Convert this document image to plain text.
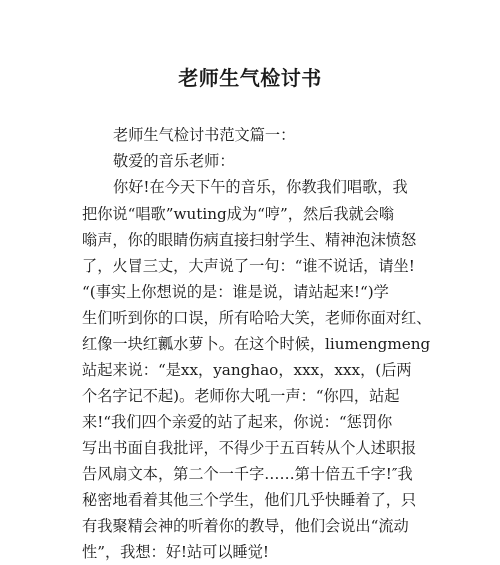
老师生气检讨书
老师生气检讨书范文篇一：
敬爱的音乐老师：
你好!在今天下午的音乐，你教我们唱歌，我
把你说“唱歌”wuting成为“哼”，然后我就会嗡
嗡声，你的眼睛伤病直接扫射学生、精神泡沫愤怒
了，火冒三丈，大声说了一句：“谁不说话，请坐!
“(事实上你想说的是：谁是说，请站起来!“)学
生们听到你的口误，所有哈哈大笑，老师你面对红、
红像一块红瓤水萝卜。在这个时候，liumengmeng
站起来说：“是xx，yanghao，xxx，xxx，(后两
个名字记不起)。老师你大吼一声：“你四，站起
来!“我们四个亲爱的站了起来，你说：“惩罚你
写出书面自我批评，不得少于五百转从个人述职报
告风扇文本，第二个一千字……第十倍五千字!″我
秘密地看着其他三个学生，他们几乎快睡着了，只
有我聚精会神的听着你的教导，他们会说出“流动
性”，我想：好!站可以睡觉!
